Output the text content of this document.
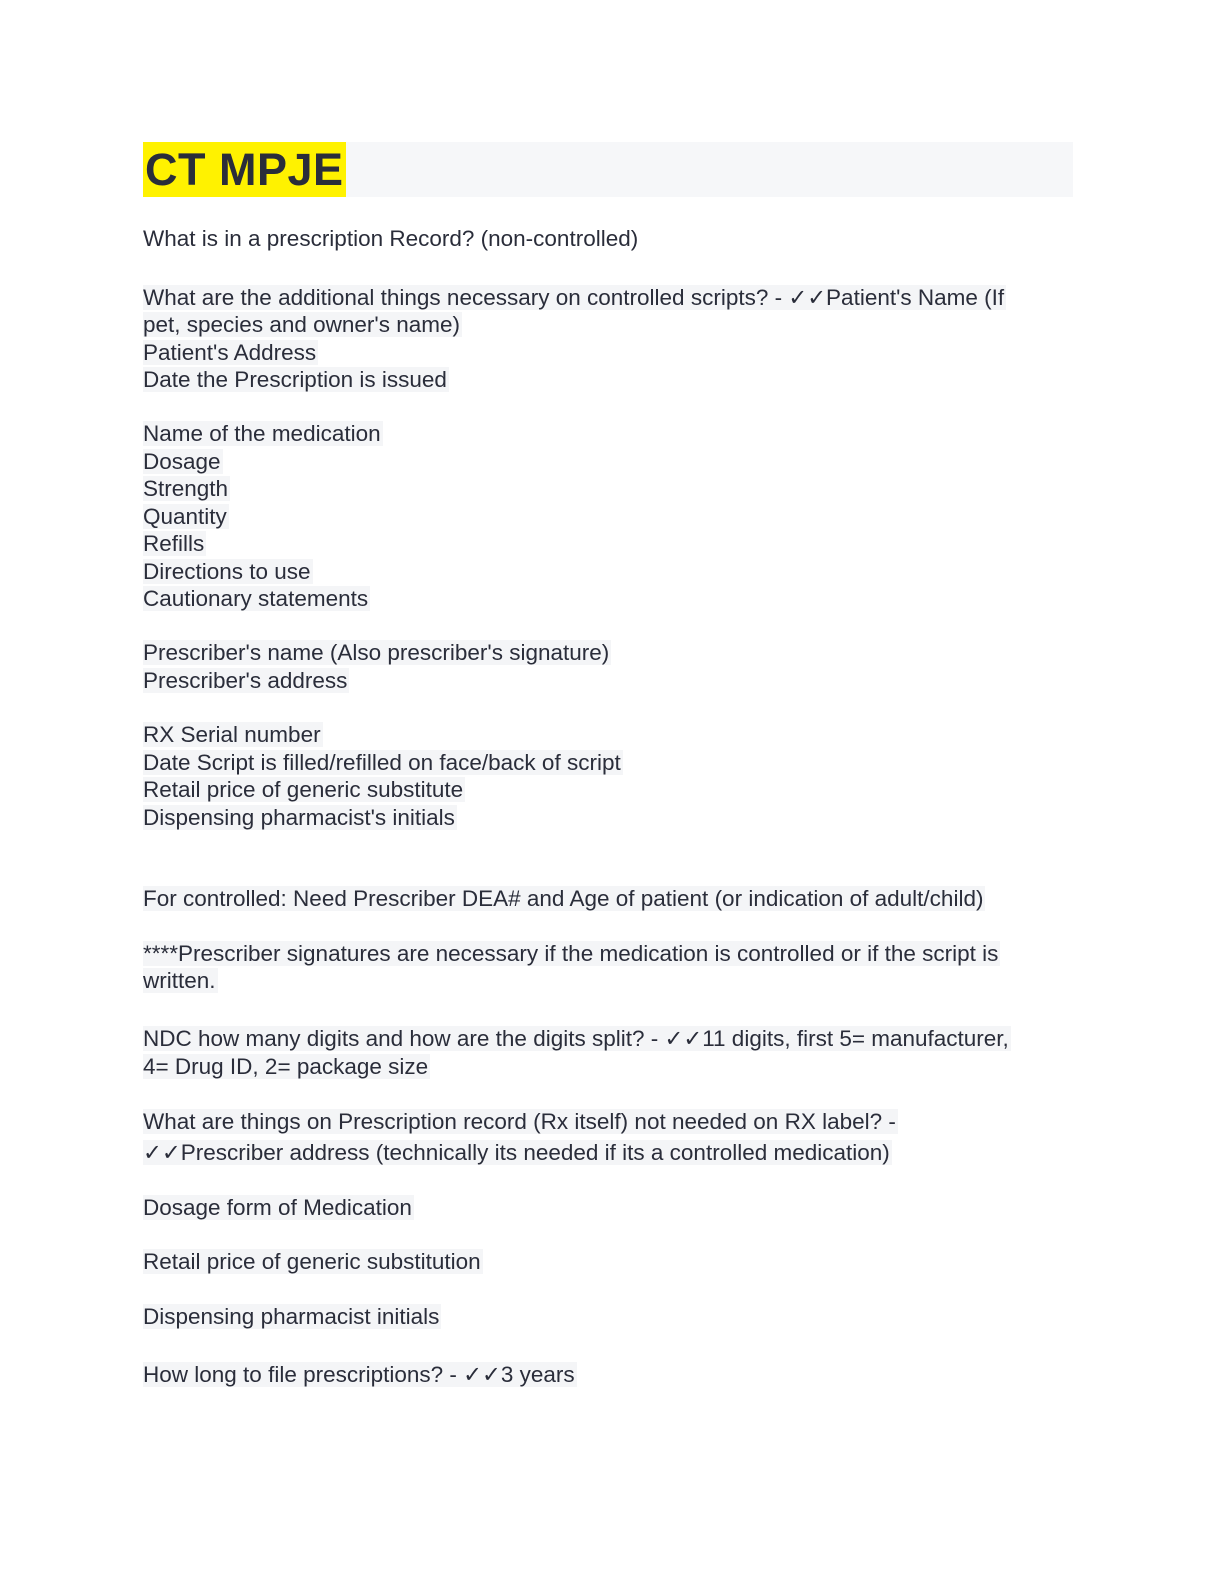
CT MPJE
What is in a prescription Record? (non-controlled)
What are the additional things necessary on controlled scripts? - ✓✓Patient's Name (If
pet, species and owner's name)
Patient's Address
Date the Prescription is issued
Name of the medication
Dosage
Strength
Quantity
Refills
Directions to use
Cautionary statements
Prescriber's name (Also prescriber's signature)
Prescriber's address
RX Serial number
Date Script is filled/refilled on face/back of script
Retail price of generic substitute
Dispensing pharmacist's initials
For controlled: Need Prescriber DEA# and Age of patient (or indication of adult/child)
****Prescriber signatures are necessary if the medication is controlled or if the script is
written.
NDC how many digits and how are the digits split? - ✓✓11 digits, first 5= manufacturer,
4= Drug ID, 2= package size
What are things on Prescription record (Rx itself) not needed on RX label? -
✓✓Prescriber address (technically its needed if its a controlled medication)
Dosage form of Medication
Retail price of generic substitution
Dispensing pharmacist initials
How long to file prescriptions? - ✓✓3 years
